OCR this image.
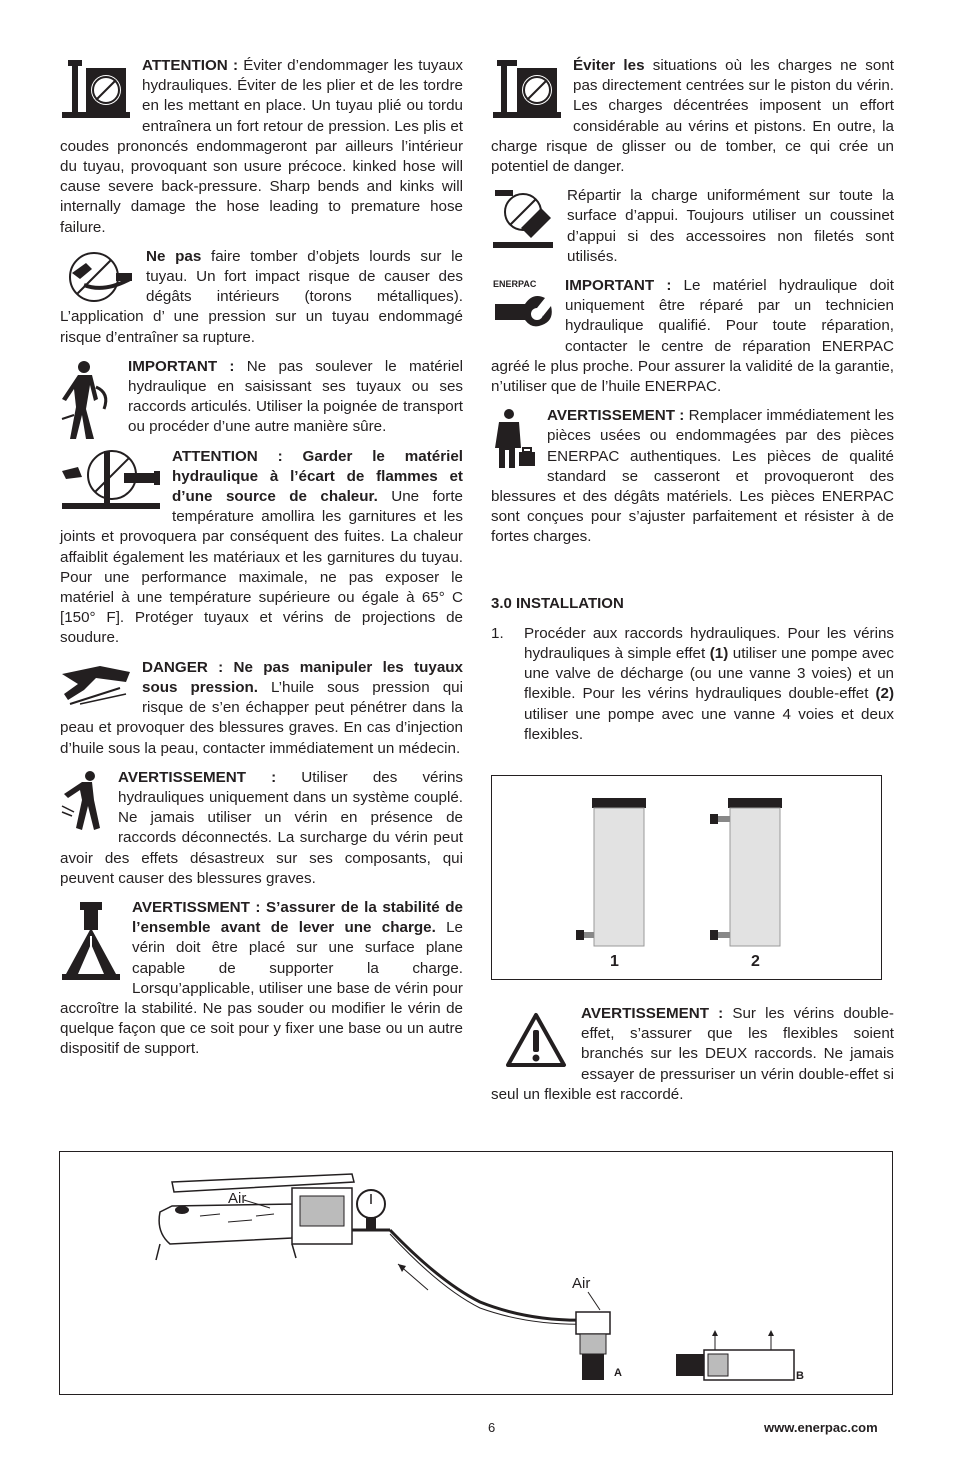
ATTENTION : Éviter d’endommager les tuyaux hydrauliques. Éviter de les plier et de les tordre en les mettant en place. Un tuyau plié ou tordu entraînera un fort retour de pression. Les plis et coudes prononcés endommageront par ailleurs l’intérieur du tuyau, provoquant son usure précoce. kinked hose will cause severe back-pressure. Sharp bends and kinks will internally damage the hose leading to premature hose failure.
Ne pas faire tomber d’objets lourds sur le tuyau. Un fort impact risque de causer des dégâts intérieurs (torons métalliques). L’application d’ une pression sur un tuyau endommagé risque d’entraîner sa rupture.
IMPORTANT : Ne pas soulever le matériel hydraulique en saisissant ses tuyaux ou ses raccords articulés. Utiliser la poignée de transport ou procéder d’une autre manière sûre.
ATTENTION : Garder le matériel hydraulique à l’écart de flammes et d’une source de chaleur. Une forte température amollira les garnitures et les joints et provoquera par conséquent des fuites. La chaleur affaiblit également les matériaux et les garnitures du tuyau. Pour une performance maximale, ne pas exposer le matériel à une température supérieure ou égale à 65° C [150° F]. Protéger tuyaux et vérins de projections de soudure.
DANGER : Ne pas manipuler les tuyaux sous pression. L’huile sous pression qui risque de s’en échapper peut pénétrer dans la peau et provoquer des blessures graves. En cas d’injection d’huile sous la peau, contacter immédiatement un médecin.
AVERTISSEMENT : Utiliser des vérins hydrauliques uniquement dans un système couplé. Ne jamais utiliser un vérin en présence de raccords déconnectés. La surcharge du vérin peut avoir des effets désastreux sur ses composants, qui peuvent causer des blessures graves.
AVERTISSMENT : S’assurer de la stabilité de l’ensemble avant de lever une charge. Le vérin doit être placé sur une surface plane capable de supporter la charge. Lorsqu’applicable, utiliser une base de vérin pour accroître la stabilité. Ne pas souder ou modifier le vérin de quelque façon que ce soit pour y fixer une base ou un autre dispositif de support.
Éviter les situations où les charges ne sont pas directement centrées sur le piston du vérin. Les charges décentrées imposent un effort considérable au vérins et pistons. En outre, la charge risque de glisser ou de tomber, ce qui crée un potentiel de danger.
Répartir la charge uniformément sur toute la surface d’appui. Toujours utiliser un coussinet d’appui si des accessoires non filetés sont utilisés.
ENERPAC IMPORTANT : Le matériel hydraulique doit uniquement être réparé par un technicien hydraulique qualifié. Pour toute réparation, contacter le centre de réparation ENERPAC agréé le plus proche. Pour assurer la validité de la garantie, n’utiliser que de l’huile ENERPAC.
AVERTISSEMENT : Remplacer immédiatement les pièces usées ou endommagées par des pièces ENERPAC authentiques. Les pièces de qualité standard se casseront et provoqueront des blessures et des dégâts matériels. Les pièces ENERPAC sont conçues pour s’ajuster parfaitement et résister à de fortes charges.
3.0 INSTALLATION
1.	Procéder aux raccords hydrauliques. Pour les vérins hydrauliques à simple effet (1) utiliser une pompe avec une valve de décharge (ou une vanne 3 voies) et un flexible. Pour les vérins hydrauliques double-effet (2) utiliser une pompe avec une vanne 4 voies et deux flexibles.
1	2
AVERTISSEMENT : Sur les vérins double-effet, s’assurer que les flexibles soient branchés sur les DEUX raccords. Ne jamais essayer de pressuriser un vérin double-effet si seul un flexible est raccordé.
Air
Air
A	B
6	www.enerpac.com
